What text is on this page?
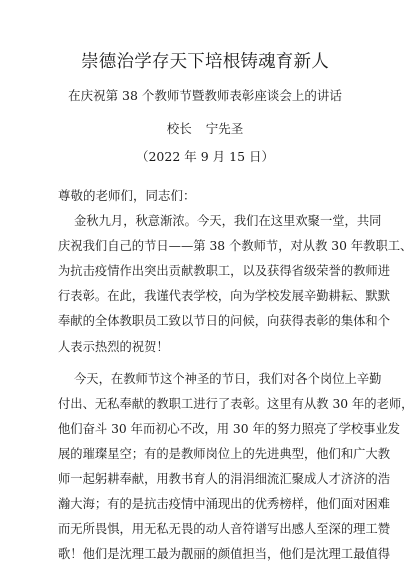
崇德治学存天下培根铸魂育新人
在庆祝第 38 个教师节暨教师表彰座谈会上的讲话
校长 宁先圣
（2022 年 9 月 15 日）
尊敬的老师们，同志们：
金秋九月，秋意渐浓。今天，我们在这里欢聚一堂，共同
庆祝我们自己的节日——第 38 个教师节，对从教 30 年教职工、
为抗击疫情作出突出贡献教职工，以及获得省级荣誉的教师进
行表彰。在此，我谨代表学校，向为学校发展辛勤耕耘、默默
奉献的全体教职员工致以节日的问候，向获得表彰的集体和个
人表示热烈的祝贺！
今天，在教师节这个神圣的节日，我们对各个岗位上辛勤
付出、无私奉献的教职工进行了表彰。这里有从教 30 年的老师，
他们奋斗 30 年而初心不改，用 30 年的努力照亮了学校事业发
展的璀璨星空；有的是教师岗位上的先进典型，他们和广大教
师一起躬耕奉献，用教书育人的涓涓细流汇聚成人才济济的浩
瀚大海；有的是抗击疫情中涌现出的优秀榜样，他们面对困难
而无所畏惧，用无私无畏的动人音符谱写出感人至深的理工赞
歌！他们是沈理工最为靓丽的颜值担当，他们是沈理工最值得
